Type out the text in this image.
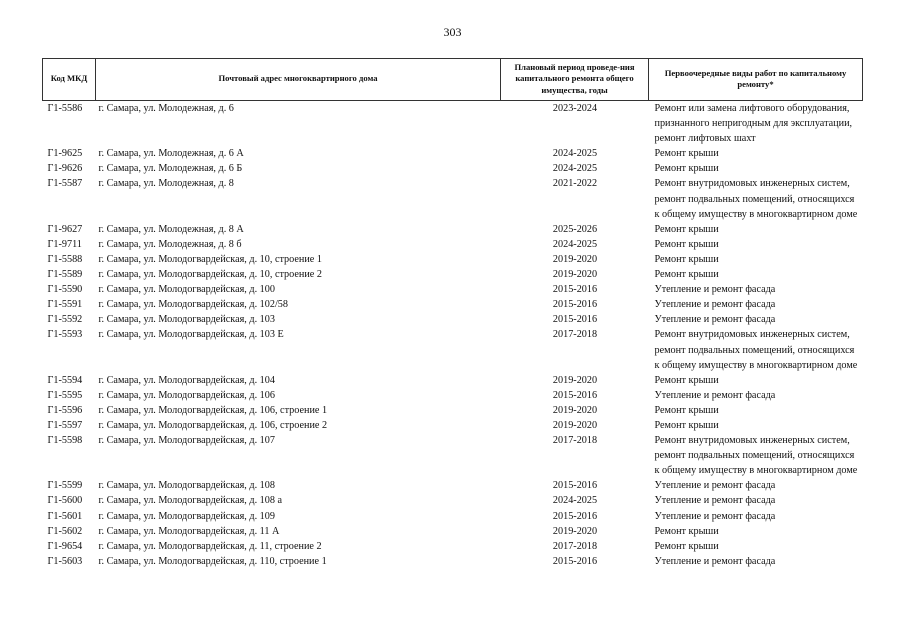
303
Код МКД	Почтовый адрес многоквартирного дома	Плановый период проведе-ния капитального ремонта общего имущества, годы	Первоочередные виды работ по капитальному ремонту*
Г1-5586	г. Самара, ул. Молодежная, д. 6	2023-2024	Ремонт или замена лифтового оборудования, признанного непригодным для эксплуатации, ремонт лифтовых шахт
Г1-9625	г. Самара, ул. Молодежная, д. 6 А	2024-2025	Ремонт крыши
Г1-9626	г. Самара, ул. Молодежная, д. 6 Б	2024-2025	Ремонт крыши
Г1-5587	г. Самара, ул. Молодежная, д. 8	2021-2022	Ремонт внутридомовых инженерных систем, ремонт подвальных помещений, относящихся к общему имуществу в многоквартирном доме
Г1-9627	г. Самара, ул. Молодежная, д. 8 А	2025-2026	Ремонт крыши
Г1-9711	г. Самара, ул. Молодежная, д. 8 б	2024-2025	Ремонт крыши
Г1-5588	г. Самара, ул. Молодогвардейская, д. 10, строение 1	2019-2020	Ремонт крыши
Г1-5589	г. Самара, ул. Молодогвардейская, д. 10, строение 2	2019-2020	Ремонт крыши
Г1-5590	г. Самара, ул. Молодогвардейская, д. 100	2015-2016	Утепление и ремонт фасада
Г1-5591	г. Самара, ул. Молодогвардейская, д. 102/58	2015-2016	Утепление и ремонт фасада
Г1-5592	г. Самара, ул. Молодогвардейская, д. 103	2015-2016	Утепление и ремонт фасада
Г1-5593	г. Самара, ул. Молодогвардейская, д. 103 Е	2017-2018	Ремонт внутридомовых инженерных систем, ремонт подвальных помещений, относящихся к общему имуществу в многоквартирном доме
Г1-5594	г. Самара, ул. Молодогвардейская, д. 104	2019-2020	Ремонт крыши
Г1-5595	г. Самара, ул. Молодогвардейская, д. 106	2015-2016	Утепление и ремонт фасада
Г1-5596	г. Самара, ул. Молодогвардейская, д. 106, строение 1	2019-2020	Ремонт крыши
Г1-5597	г. Самара, ул. Молодогвардейская, д. 106, строение 2	2019-2020	Ремонт крыши
Г1-5598	г. Самара, ул. Молодогвардейская, д. 107	2017-2018	Ремонт внутридомовых инженерных систем, ремонт подвальных помещений, относящихся к общему имуществу в многоквартирном доме
Г1-5599	г. Самара, ул. Молодогвардейская, д. 108	2015-2016	Утепление и ремонт фасада
Г1-5600	г. Самара, ул. Молодогвардейская, д. 108 а	2024-2025	Утепление и ремонт фасада
Г1-5601	г. Самара, ул. Молодогвардейская, д. 109	2015-2016	Утепление и ремонт фасада
Г1-5602	г. Самара, ул. Молодогвардейская, д. 11 А	2019-2020	Ремонт крыши
Г1-9654	г. Самара, ул. Молодогвардейская, д. 11, строение 2	2017-2018	Ремонт крыши
Г1-5603	г. Самара, ул. Молодогвардейская, д. 110, строение 1	2015-2016	Утепление и ремонт фасада
